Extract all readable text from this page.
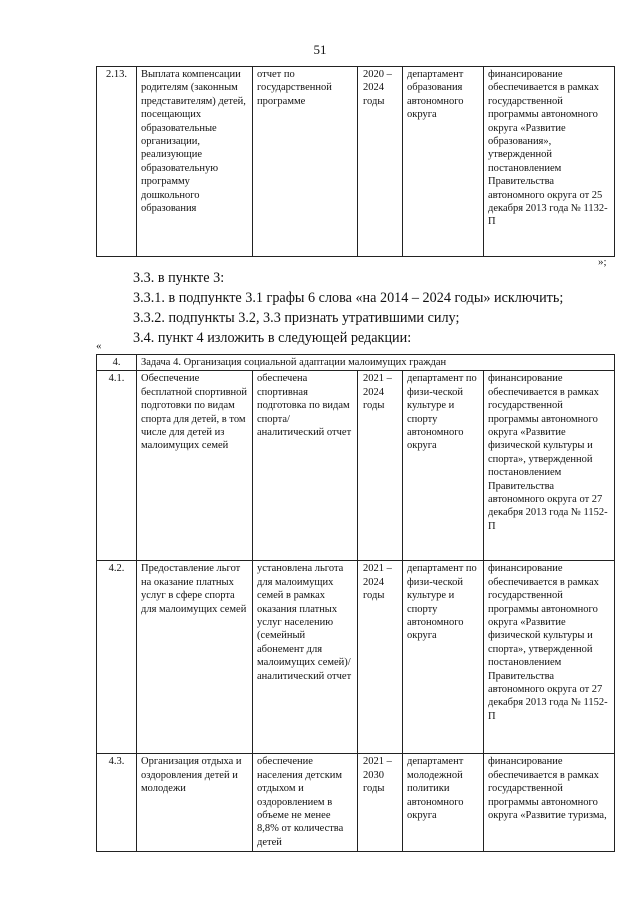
51
2.13.	Выплата компенсации родителям (законным представителям) детей, посещающих образовательные организации, реализующие образовательную программу дошкольного образования	отчет по государственной программе	2020 – 2024 годы	департамент образования автономного округа	финансирование обеспечивается в рамках государственной программы автономного округа «Развитие образования», утвержденной постановлением Правительства автономного округа от 25 декабря 2013 года № 1132-П
»;
3.3. в пункте 3:
3.3.1. в подпункте 3.1 графы 6 слова «на 2014 – 2024 годы» исключить;
3.3.2. подпункты 3.2, 3.3 признать утратившими силу;
3.4. пункт 4 изложить в следующей редакции:
«
4.	Задача 4. Организация социальной адаптации малоимущих граждан				
4.1.	Обеспечение бесплатной спортивной подготовки по видам спорта для детей, в том числе для детей из малоимущих семей	обеспечена спортивная подготовка по видам спорта/ аналитический отчет	2021 – 2024 годы	департамент по физи-ческой культуре и спорту автономного округа	финансирование обеспечивается в рамках государственной программы автономного округа «Развитие физической культуры и спорта», утвержденной постановлением Правительства автономного округа от 27 декабря 2013 года № 1152-П
4.2.	Предоставление льгот на оказание платных услуг в сфере спорта для малоимущих семей	установлена льгота для малоимущих семей в рамках оказания платных услуг населению (семейный абонемент для малоимущих семей)/ аналитический отчет	2021 – 2024 годы	департамент по физи-ческой культуре и спорту автономного округа	финансирование обеспечивается в рамках государственной программы автономного округа «Развитие физической культуры и спорта», утвержденной постановлением Правительства автономного округа от 27 декабря 2013 года № 1152-П
4.3.	Организация отдыха и оздоровления детей и молодежи	обеспечение населения детским отдыхом и оздоровлением в объеме не менее 8,8% от количества детей	2021 – 2030 годы	департамент молодежной политики автономного округа	финансирование обеспечивается в рамках государственной программы автономного округа «Развитие туризма,
